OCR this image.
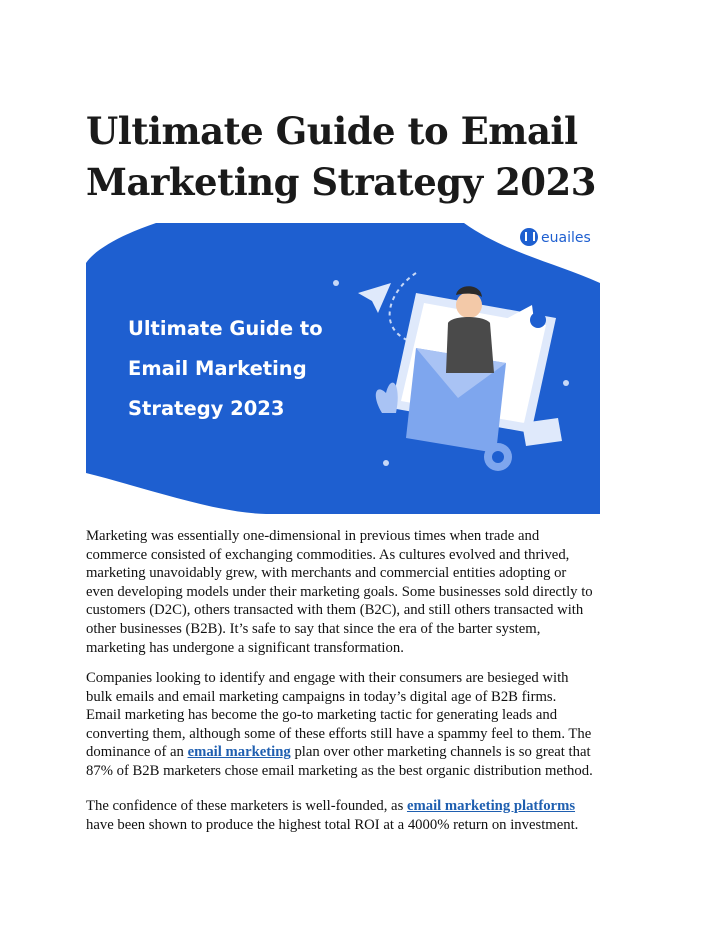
Ultimate Guide to Email
Marketing Strategy 2023
euailes
Ultimate Guide to
Email Marketing
Strategy 2023

Marketing was essentially one-dimensional in previous times when trade and
commerce consisted of exchanging commodities. As cultures evolved and thrived,
marketing unavoidably grew, with merchants and commercial entities adopting or
even developing models under their marketing goals. Some businesses sold directly to
customers (D2C), others transacted with them (B2C), and still others transacted with
other businesses (B2B). It’s safe to say that since the era of the barter system,
marketing has undergone a significant transformation.

Companies looking to identify and engage with their consumers are besieged with
bulk emails and email marketing campaigns in today’s digital age of B2B firms.
Email marketing has become the go-to marketing tactic for generating leads and
converting them, although some of these efforts still have a spammy feel to them. The
dominance of an email marketing plan over other marketing channels is so great that
87% of B2B marketers chose email marketing as the best organic distribution method.

The confidence of these marketers is well-founded, as email marketing platforms
have been shown to produce the highest total ROI at a 4000% return on investment.
